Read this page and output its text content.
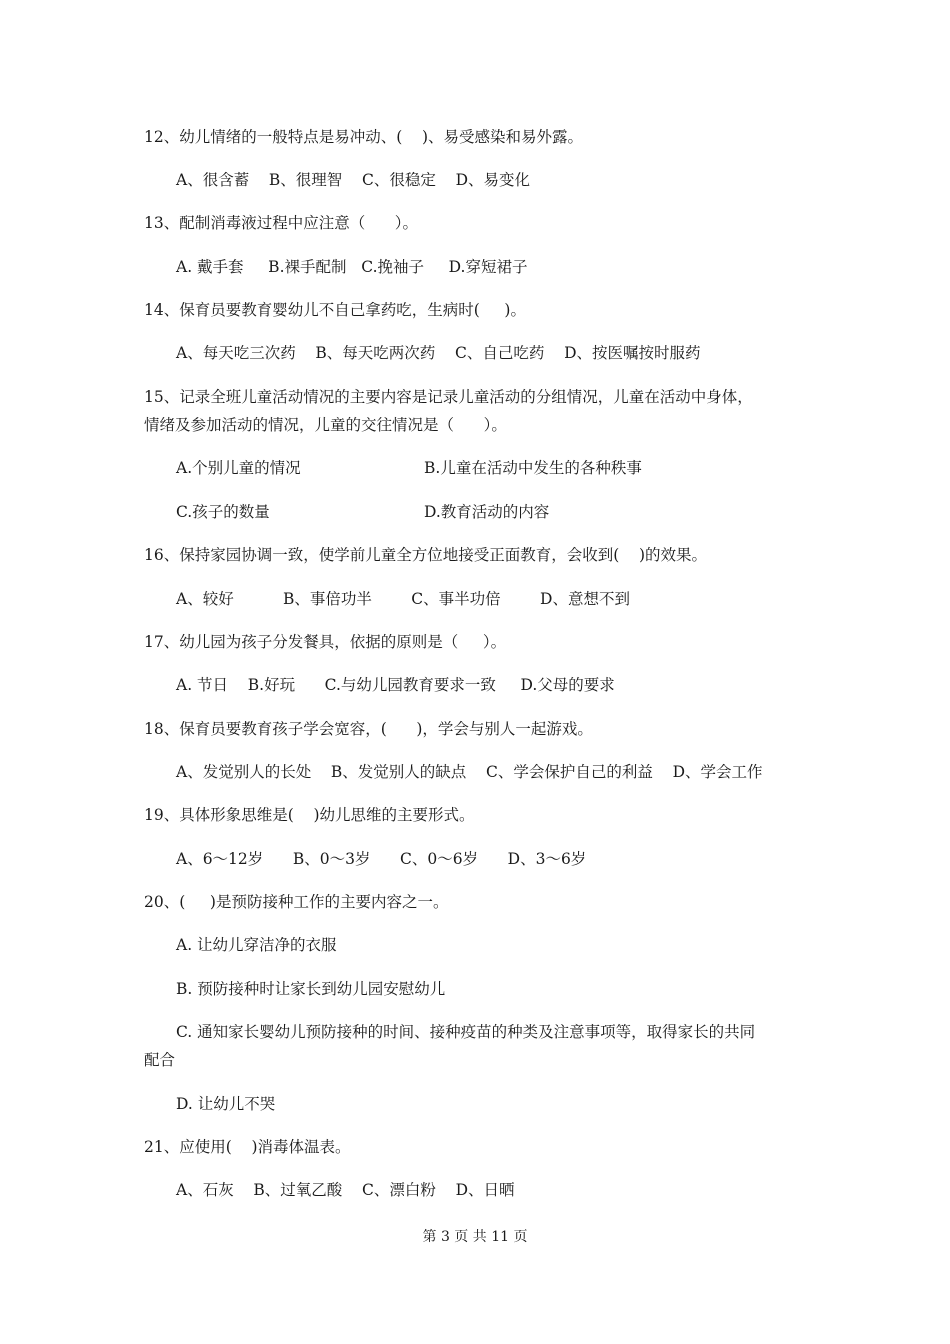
12、幼儿情绪的一般特点是易冲动、(    )、易受感染和易外露。
A、很含蓄    B、很理智    C、很稳定    D、易变化
13、配制消毒液过程中应注意（      ）。
A. 戴手套     B.裸手配制   C.挽袖子     D.穿短裙子
14、保育员要教育婴幼儿不自己拿药吃，生病时(     )。
A、每天吃三次药    B、每天吃两次药    C、自己吃药    D、按医嘱按时服药
15、记录全班儿童活动情况的主要内容是记录儿童活动的分组情况，儿童在活动中身体，
情绪及参加活动的情况，儿童的交往情况是（      ）。
A.个别儿童的情况	B.儿童在活动中发生的各种秩事
C.孩子的数量	D.教育活动的内容
16、保持家园协调一致，使学前儿童全方位地接受正面教育，会收到(    )的效果。
A、较好          B、事倍功半        C、事半功倍        D、意想不到
17、幼儿园为孩子分发餐具，依据的原则是（     ）。
A. 节日    B.好玩      C.与幼儿园教育要求一致     D.父母的要求
18、保育员要教育孩子学会宽容，(      )，学会与别人一起游戏。
A、发觉别人的长处    B、发觉别人的缺点    C、学会保护自己的利益    D、学会工作
19、具体形象思维是(    )幼儿思维的主要形式。
A、6～12岁      B、0～3岁      C、0～6岁      D、3～6岁
20、(     )是预防接种工作的主要内容之一。
A. 让幼儿穿洁净的衣服
B. 预防接种时让家长到幼儿园安慰幼儿
C. 通知家长婴幼儿预防接种的时间、接种疫苗的种类及注意事项等，取得家长的共同
配合
D. 让幼儿不哭
21、应使用(    )消毒体温表。
A、石灰    B、过氧乙酸    C、漂白粉    D、日晒
第 3 页 共 11 页
